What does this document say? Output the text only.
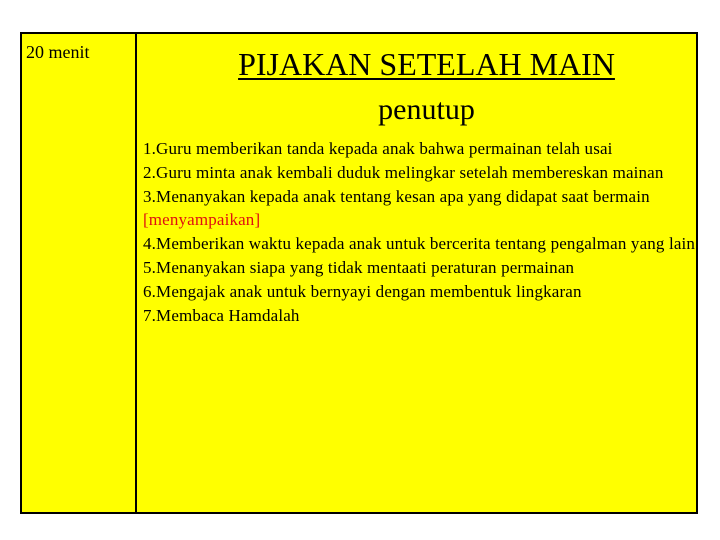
20 menit	PIJAKAN SETELAH MAIN
penutup
1.Guru memberikan tanda kepada anak bahwa permainan telah usai
2.Guru minta anak kembali duduk melingkar setelah membereskan mainan
3.Menanyakan kepada anak tentang kesan apa yang didapat saat bermain [menyampaikan]
4.Memberikan waktu kepada anak untuk bercerita tentang pengalman yang lain
5.Menanyakan siapa yang tidak mentaati peraturan permainan
6.Mengajak anak untuk bernyayi dengan membentuk lingkaran
7.Membaca Hamdalah
